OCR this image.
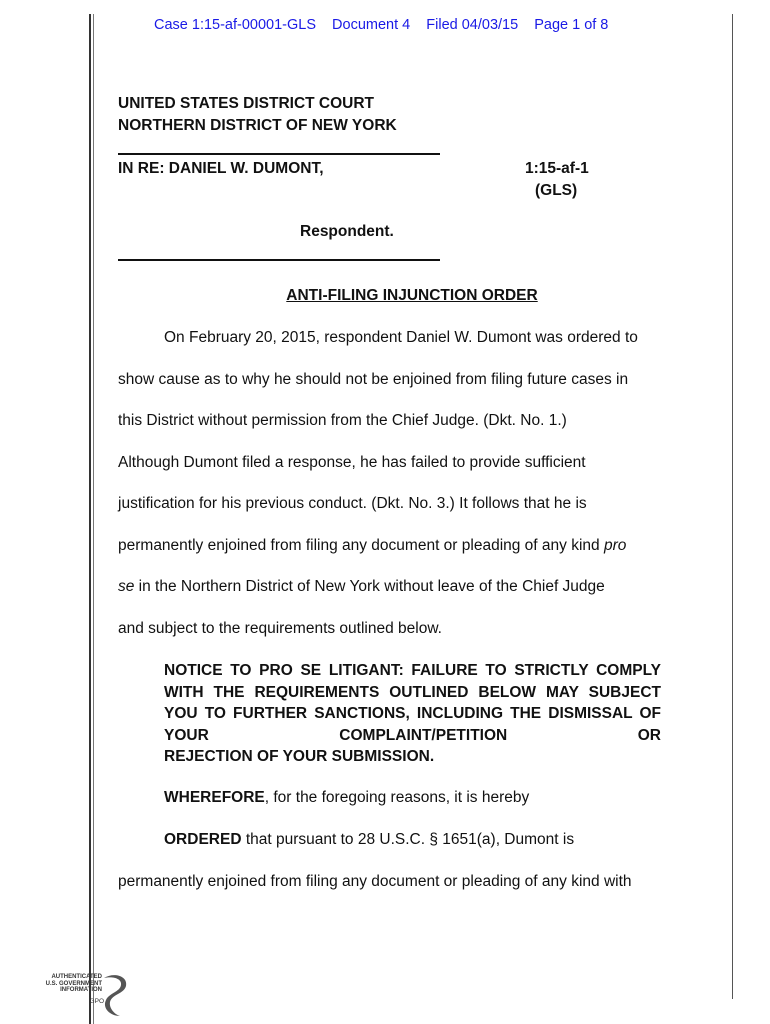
Case 1:15-af-00001-GLS Document 4 Filed 04/03/15 Page 1 of 8
UNITED STATES DISTRICT COURT
NORTHERN DISTRICT OF NEW YORK
IN RE: DANIEL W. DUMONT,	1:15-af-1
(GLS)
Respondent.
ANTI-FILING INJUNCTION ORDER
On February 20, 2015, respondent Daniel W. Dumont was ordered to
show cause as to why he should not be enjoined from filing future cases in
this District without permission from the Chief Judge. (Dkt. No. 1.)
Although Dumont filed a response, he has failed to provide sufficient
justification for his previous conduct. (Dkt. No. 3.) It follows that he is
permanently enjoined from filing any document or pleading of any kind pro
se in the Northern District of New York without leave of the Chief Judge
and subject to the requirements outlined below.
NOTICE TO PRO SE LITIGANT: FAILURE TO STRICTLY COMPLY WITH THE REQUIREMENTS OUTLINED BELOW MAY SUBJECT YOU TO FURTHER SANCTIONS, INCLUDING THE DISMISSAL OF YOUR COMPLAINT/PETITION OR
REJECTION OF YOUR SUBMISSION.
WHEREFORE, for the foregoing reasons, it is hereby
ORDERED that pursuant to 28 U.S.C. § 1651(a), Dumont is
permanently enjoined from filing any document or pleading of any kind with
AUTHENTICATED
U.S. GOVERNMENT
INFORMATION
GPO
